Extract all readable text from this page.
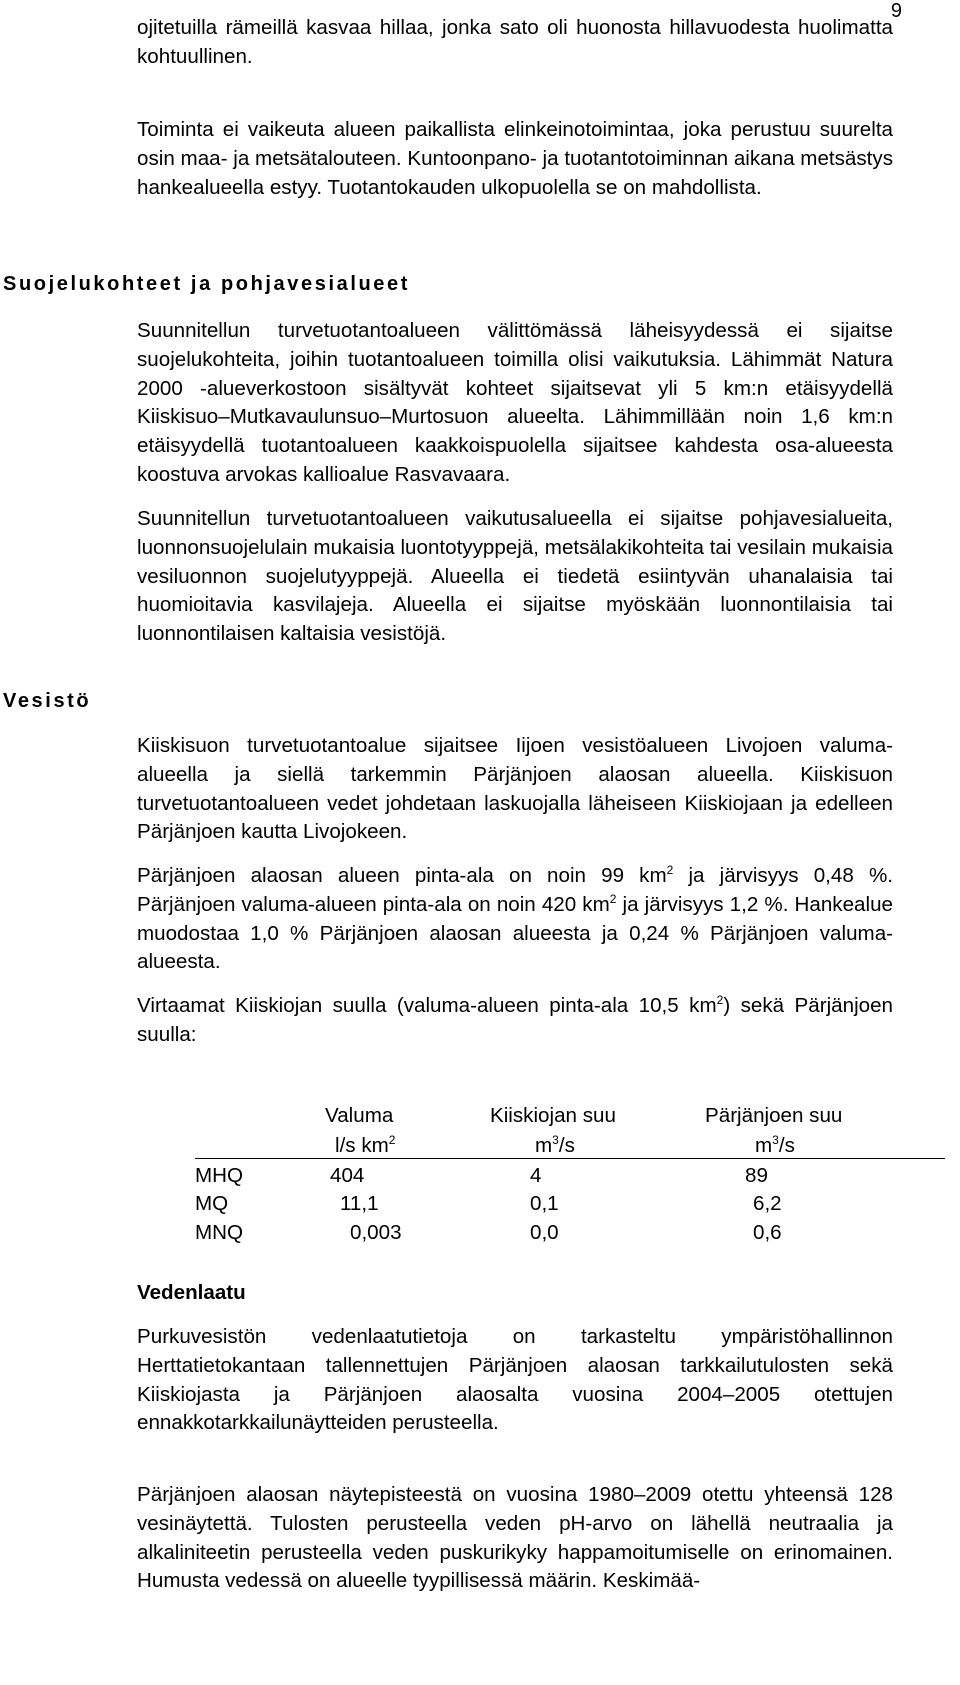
9

ojitetuilla rämeillä kasvaa hillaa, jonka sato oli huonosta hillavuodesta huolimatta kohtuullinen.

Toiminta ei vaikeuta alueen paikallista elinkeinotoimintaa, joka perustuu suurelta osin maa- ja metsätalouteen. Kuntoonpano- ja tuotantotoiminnan aikana metsästys hankealueella estyy. Tuotantokauden ulkopuolella se on mahdollista.

Suojelukohteet ja pohjavesialueet

Suunnitellun turvetuotantoalueen välittömässä läheisyydessä ei sijaitse suojelukohteita, joihin tuotantoalueen toimilla olisi vaikutuksia. Lähimmät Natura 2000 -alueverkostoon sisältyvät kohteet sijaitsevat yli 5 km:n etäisyydellä Kiiskisuo–Mutkavaulunsuo–Murtosuon alueelta. Lähimmillään noin 1,6 km:n etäisyydellä tuotantoalueen kaakkoispuolella sijaitsee kahdesta osa-alueesta koostuva arvokas kallioalue Rasvavaara.

Suunnitellun turvetuotantoalueen vaikutusalueella ei sijaitse pohjavesialueita, luonnonsuojelulain mukaisia luontotyyppejä, metsälakikohteita tai vesilain mukaisia vesiluonnon suojelutyyppejä. Alueella ei tiedetä esiintyvän uhanalaisia tai huomioitavia kasvilajeja. Alueella ei sijaitse myöskään luonnontilaisia tai luonnontilaisen kaltaisia vesistöjä.

Vesistö

Kiiskisuon turvetuotantoalue sijaitsee Iijoen vesistöalueen Livojoen valuma-alueella ja siellä tarkemmin Pärjänjoen alaosan alueella. Kiiskisuon turvetuotantoalueen vedet johdetaan laskuojalla läheiseen Kiiskiojaan ja edelleen Pärjänjoen kautta Livojokeen.

Pärjänjoen alaosan alueen pinta-ala on noin 99 $km^2$ ja järvisyys 0,48 %. Pärjänjoen valuma-alueen pinta-ala on noin 420 $km^2$ ja järvisyys 1,2 %. Hankealue muodostaa 1,0 % Pärjänjoen alaosan alueesta ja 0,24 % Pärjänjoen valuma-alueesta.

Virtaamat Kiiskiojan suulla (valuma-alueen pinta-ala 10,5 $km^2$) sekä Pärjänjoen suulla:

	Valuma	Kiiskiojan suu	Pärjänjoen suu
	l/s $km^2$	$m^3/s$	$m^3/s$
MHQ	404	4	89
MQ	11,1	0,1	6,2
MNQ	0,003	0,0	0,6
Vedenlaatu

Purkuvesistön vedenlaatutietoja on tarkasteltu ympäristöhallinnon Herttatietokantaan tallennettujen Pärjänjoen alaosan tarkkailutulosten sekä Kiiskiojasta ja Pärjänjoen alaosalta vuosina 2004–2005 otettujen ennakkotarkkailunäytteiden perusteella.

Pärjänjoen alaosan näytepisteestä on vuosina 1980–2009 otettu yhteensä 128 vesinäytettä. Tulosten perusteella veden pH-arvo on lähellä neutraalia ja alkaliniteetin perusteella veden puskurikyky happamoitumiselle on erinomainen. Humusta vedessä on alueelle tyypillisessä määrin. Keskimää-
